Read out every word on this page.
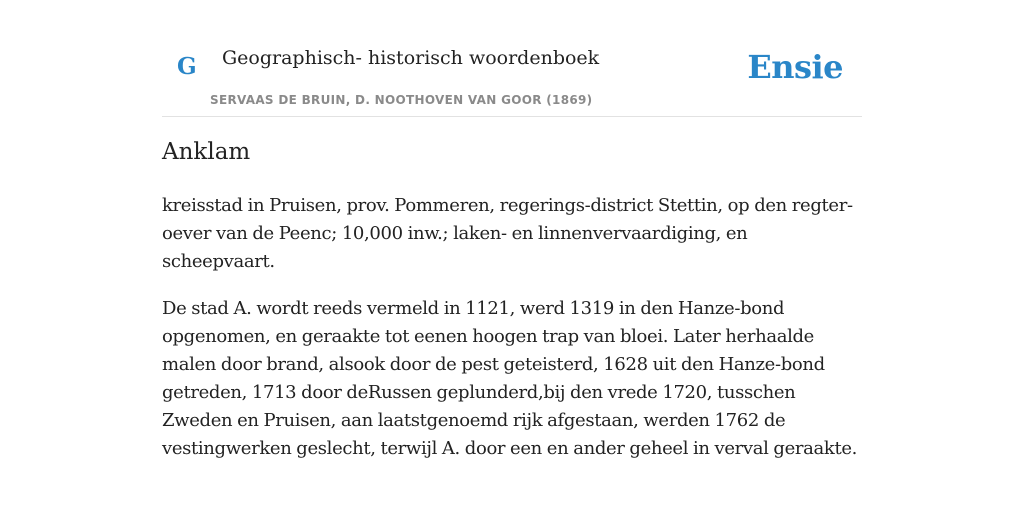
G Geographisch- historisch woordenboek
SERVAAS DE BRUIN, D. NOOTHOVEN VAN GOOR (1869)
Ensie
Anklam

kreisstad in Pruisen, prov. Pommeren, regerings-district Stettin, op den regter-oever van de Peenc; 10,000 inw.; laken- en linnenvervaardiging, en scheepvaart.

De stad A. wordt reeds vermeld in 1121, werd 1319 in den Hanze-bond opgenomen, en geraakte tot eenen hoogen trap van bloei. Later herhaalde malen door brand, alsook door de pest geteisterd, 1628 uit den Hanze-bond getreden, 1713 door deRussen geplunderd,bij den vrede 1720, tusschen Zweden en Pruisen, aan laatstgenoemd rijk afgestaan, werden 1762 de vestingwerken geslecht, terwijl A. door een en ander geheel in verval geraakte.
